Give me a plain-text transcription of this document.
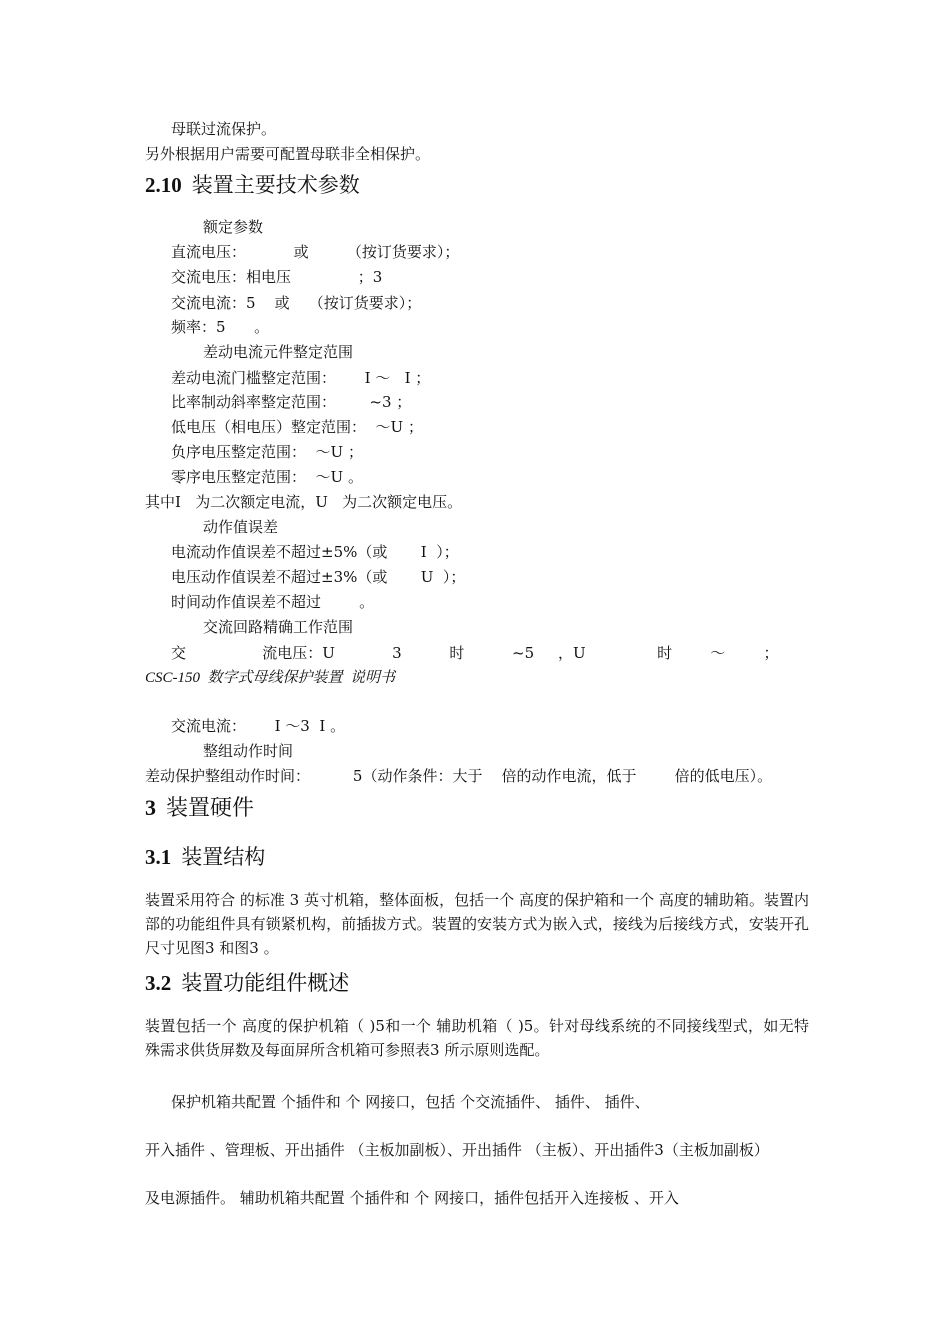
母联过流保护。
另外根据用户需要可配置母联非全相保护。
2.10 装置主要技术参数
额定参数
直流电压：          或        （按订货要求）；
交流电压：相电压              ；3
交流电流：5    或    （按订货要求）；
频率：5      。
差动电流元件整定范围
差动电流门槛整定范围：      I ～   I ；
比率制动斜率整定范围：       ~3 ；
低电压（相电压）整定范围：  ～U ；
负序电压整定范围：  ～U ；
零序电压整定范围：  ～U 。
其中I   为二次额定电流，U   为二次额定电压。
动作值误差
电流动作值误差不超过±5%（或       I  ）；
电压动作值误差不超过±3%（或       U  ）；
时间动作值误差不超过        。
交流回路精确工作范围
交                流电压：U            3          时          ~5     ，U               时        ～        ；
CSC-150  数字式母线保护装置  说明书
交流电流：      I ～3  I 。
整组动作时间
差动保护整组动作时间：         5（动作条件：大于    倍的动作电流，低于        倍的低电压）。
3 装置硬件
3.1 装置结构
装置采用符合 的标准 3 英寸机箱，整体面板，包括一个 高度的保护箱和一个 高度的辅助箱。装置内部的功能组件具有锁紧机构，前插拔方式。装置的安装方式为嵌入式，接线为后接线方式，安装开孔尺寸见图3 和图3 。
3.2 装置功能组件概述
装置包括一个 高度的保护机箱（ )5和一个 辅助机箱（ )5。针对母线系统的不同接线型式，如无特殊需求供货屏数及每面屏所含机箱可参照表3 所示原则选配。
保护机箱共配置 个插件和 个 网接口，包括 个交流插件、 插件、 插件、
开入插件 、管理板、开出插件 （主板加副板）、开出插件 （主板）、开出插件3（主板加副板）
及电源插件。 辅助机箱共配置 个插件和 个 网接口，插件包括开入连接板 、开入
